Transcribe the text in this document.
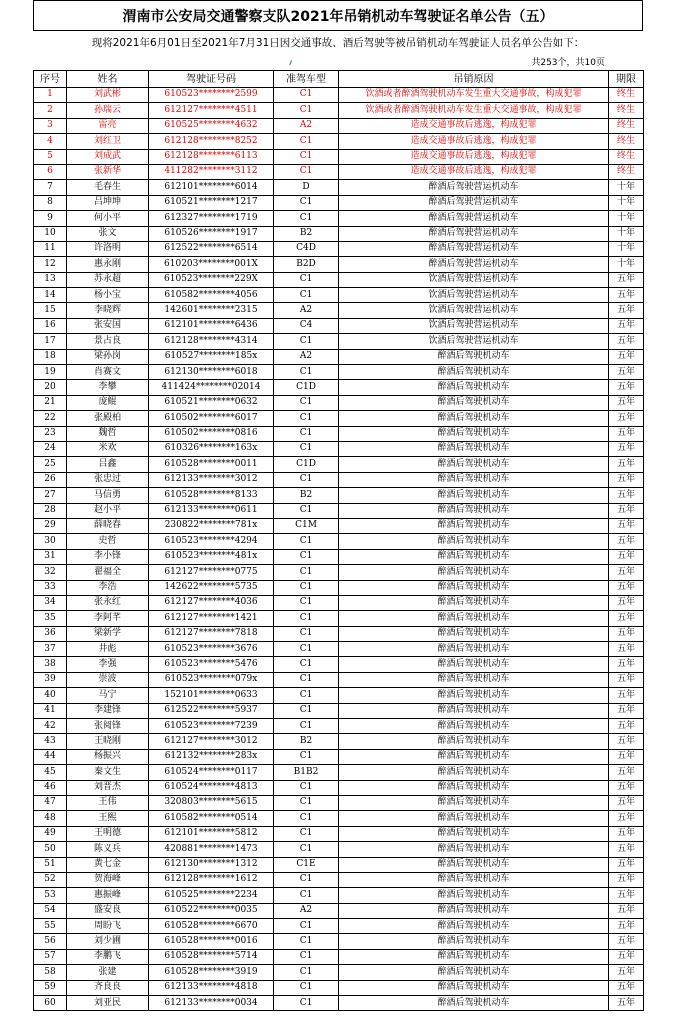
渭南市公安局交通警察支队2021年吊销机动车驾驶证名单公告（五）
现将2021年6月01日至2021年7月31日因交通事故、酒后驾驶等被吊销机动车驾驶证人员名单公告如下：
共253个，共10页
序号	姓名	驾驶证号码	准驾车型	吊销原因	期限
1	刘武彬	610523********2599	C1	饮酒或者醉酒驾驶机动车发生重大交通事故，构成犯罪	终生
2	孙瑞云	612127********4511	C1	饮酒或者醉酒驾驶机动车发生重大交通事故，构成犯罪	终生
3	雷亮	610525********4632	A2	造成交通事故后逃逸，构成犯罪	终生
4	刘红卫	612128********8252	C1	造成交通事故后逃逸，构成犯罪	终生
5	刘成武	612128********6113	C1	造成交通事故后逃逸，构成犯罪	终生
6	张新华	411282********3112	C1	造成交通事故后逃逸，构成犯罪	终生
7	毛春生	612101********6014	D	醉酒后驾驶营运机动车	十年
8	吕坤坤	610521********1217	C1	醉酒后驾驶营运机动车	十年
9	何小平	612327********1719	C1	醉酒后驾驶营运机动车	十年
10	张文	610526********1917	B2	醉酒后驾驶营运机动车	十年
11	许洛明	612522********6514	C4D	醉酒后驾驶营运机动车	十年
12	惠永刚	610203********001X	B2D	醉酒后驾驶营运机动车	十年
13	苏永超	610523********229X	C1	饮酒后驾驶营运机动车	五年
14	杨小宝	610582********4056	C1	饮酒后驾驶营运机动车	五年
15	李晓辉	142601********2315	A2	饮酒后驾驶营运机动车	五年
16	张安国	612101********6436	C4	饮酒后驾驶营运机动车	五年
17	景占良	612128********4314	C1	饮酒后驾驶营运机动车	五年
18	梁孙岗	610527********185x	A2	醉酒后驾驶机动车	五年
19	肖赛文	612130********6018	C1	醉酒后驾驶机动车	五年
20	李攀	411424********02014	C1D	醉酒后驾驶机动车	五年
21	庞鲲	610521********0632	C1	醉酒后驾驶机动车	五年
22	张殿柏	610502********6017	C1	醉酒后驾驶机动车	五年
23	魏哲	610502********0816	C1	醉酒后驾驶机动车	五年
24	米欢	610326********163x	C1	醉酒后驾驶机动车	五年
25	吕鑫	610528********0011	C1D	醉酒后驾驶机动车	五年
26	张忠过	612133********3012	C1	醉酒后驾驶机动车	五年
27	马信勇	610528********8133	B2	醉酒后驾驶机动车	五年
28	赵小平	612133********0611	C1	醉酒后驾驶机动车	五年
29	薛晓春	230822********781x	C1M	醉酒后驾驶机动车	五年
30	史哲	610523********4294	C1	醉酒后驾驶机动车	五年
31	李小锋	610523********481x	C1	醉酒后驾驶机动车	五年
32	翟福全	612127********0775	C1	醉酒后驾驶机动车	五年
33	李浩	142622********5735	C1	醉酒后驾驶机动车	五年
34	张永红	612127********4036	C1	醉酒后驾驶机动车	五年
35	李阿芊	612127********1421	C1	醉酒后驾驶机动车	五年
36	梁新学	612127********7818	C1	醉酒后驾驶机动车	五年
37	井彪	610523********3676	C1	醉酒后驾驶机动车	五年
38	李强	610523********5476	C1	醉酒后驾驶机动车	五年
39	崇波	610523********079x	C1	醉酒后驾驶机动车	五年
40	马宁	152101********0633	C1	醉酒后驾驶机动车	五年
41	李建锋	612522********5937	C1	醉酒后驾驶机动车	五年
42	张阅锋	610523********7239	C1	醉酒后驾驶机动车	五年
43	王晓刚	612127********3012	B2	醉酒后驾驶机动车	五年
44	杨振兴	612132********283x	C1	醉酒后驾驶机动车	五年
45	秦文生	610524********0117	B1B2	醉酒后驾驶机动车	五年
46	刘晋杰	610524********4813	C1	醉酒后驾驶机动车	五年
47	王伟	320803********5615	C1	醉酒后驾驶机动车	五年
48	王熙	610582********0514	C1	醉酒后驾驶机动车	五年
49	王明德	612101********5812	C1	醉酒后驾驶机动车	五年
50	陈义兵	420881********1473	C1	醉酒后驾驶机动车	五年
51	黄七金	612130********1312	C1E	醉酒后驾驶机动车	五年
52	贺海峰	612128********1612	C1	醉酒后驾驶机动车	五年
53	惠振峰	610525********2234	C1	醉酒后驾驶机动车	五年
54	盛安良	610522********0035	A2	醉酒后驾驶机动车	五年
55	周盼飞	610528********6670	C1	醉酒后驾驶机动车	五年
56	刘少圃	610528********0016	C1	醉酒后驾驶机动车	五年
57	李鹏飞	610528********5714	C1	醉酒后驾驶机动车	五年
58	张建	610528********3919	C1	醉酒后驾驶机动车	五年
59	齐良良	612133********4818	C1	醉酒后驾驶机动车	五年
60	刘亚民	612133********0034	C1	醉酒后驾驶机动车	五年
